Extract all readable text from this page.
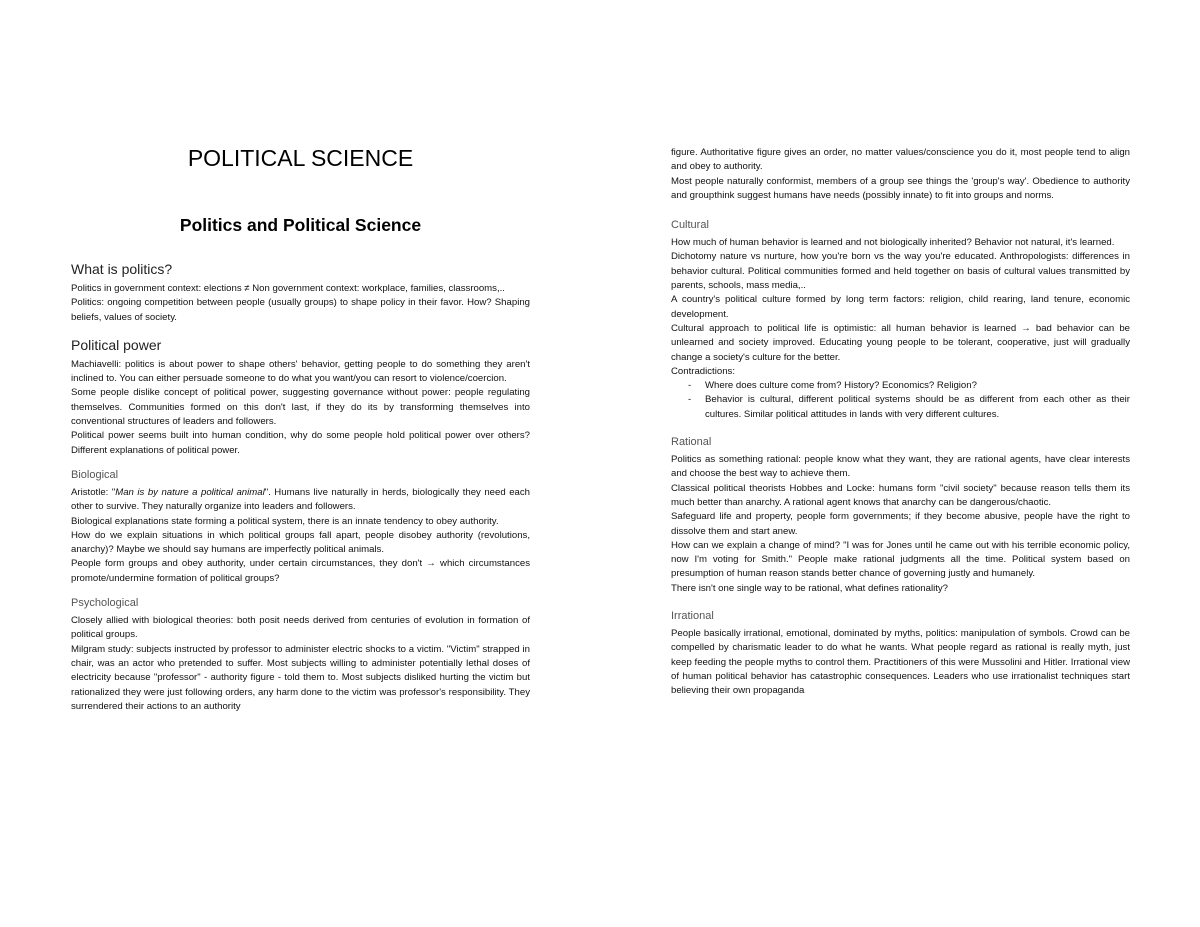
POLITICAL SCIENCE
Politics and Political Science
What is politics?

Politics in government context: elections ≠ Non government context: workplace, families, classrooms,..

Politics: ongoing competition between people (usually groups) to shape policy in their favor. How? Shaping beliefs, values of society.

Political power

Machiavelli: politics is about power to shape others' behavior, getting people to do something they aren't inclined to. You can either persuade someone to do what you want/you can resort to violence/coercion.

Some people dislike concept of political power, suggesting governance without power: people regulating themselves. Communities formed on this don't last, if they do its by transforming themselves into conventional structures of leaders and followers.

Political power seems built into human condition, why do some people hold political power over others? Different explanations of political power.

Biological

Aristotle: "Man is by nature a political animal". Humans live naturally in herds, biologically they need each other to survive. They naturally organize into leaders and followers.

Biological explanations state forming a political system, there is an innate tendency to obey authority.

How do we explain situations in which political groups fall apart, people disobey authority (revolutions, anarchy)? Maybe we should say humans are imperfectly political animals.

People form groups and obey authority, under certain circumstances, they don't → which circumstances promote/undermine formation of political groups?

Psychological

Closely allied with biological theories: both posit needs derived from centuries of evolution in formation of political groups.

Milgram study: subjects instructed by professor to administer electric shocks to a victim. "Victim" strapped in chair, was an actor who pretended to suffer. Most subjects willing to administer potentially lethal doses of electricity because "professor" - authority figure - told them to. Most subjects disliked hurting the victim but rationalized they were just following orders, any harm done to the victim was professor's responsibility. They surrendered their actions to an authority

figure. Authoritative figure gives an order, no matter values/conscience you do it, most people tend to align and obey to authority.

Most people naturally conformist, members of a group see things the 'group's way'. Obedience to authority and groupthink suggest humans have needs (possibly innate) to fit into groups and norms.

Cultural

How much of human behavior is learned and not biologically inherited? Behavior not natural, it's learned.

Dichotomy nature vs nurture, how you're born vs the way you're educated. Anthropologists: differences in behavior cultural. Political communities formed and held together on basis of cultural values transmitted by parents, schools, mass media,..

A country's political culture formed by long term factors: religion, child rearing, land tenure, economic development.

Cultural approach to political life is optimistic: all human behavior is learned → bad behavior can be unlearned and society improved. Educating young people to be tolerant, cooperative, just will gradually change a society's culture for the better.

Contradictions:

- Where does culture come from? History? Economics? Religion?
- Behavior is cultural, different political systems should be as different from each other as their cultures. Similar political attitudes in lands with very different cultures.
Rational

Politics as something rational: people know what they want, they are rational agents, have clear interests and choose the best way to achieve them.

Classical political theorists Hobbes and Locke: humans form "civil society" because reason tells them its much better than anarchy. A rational agent knows that anarchy can be dangerous/chaotic.

Safeguard life and property, people form governments; if they become abusive, people have the right to dissolve them and start anew.

How can we explain a change of mind? "I was for Jones until he came out with his terrible economic policy, now I'm voting for Smith." People make rational judgments all the time. Political system based on presumption of human reason stands better chance of governing justly and humanely.

There isn't one single way to be rational, what defines rationality?

Irrational

People basically irrational, emotional, dominated by myths, politics: manipulation of symbols. Crowd can be compelled by charismatic leader to do what he wants. What people regard as rational is really myth, just keep feeding the people myths to control them. Practitioners of this were Mussolini and Hitler. Irrational view of human political behavior has catastrophic consequences. Leaders who use irrationalist techniques start believing their own propaganda
